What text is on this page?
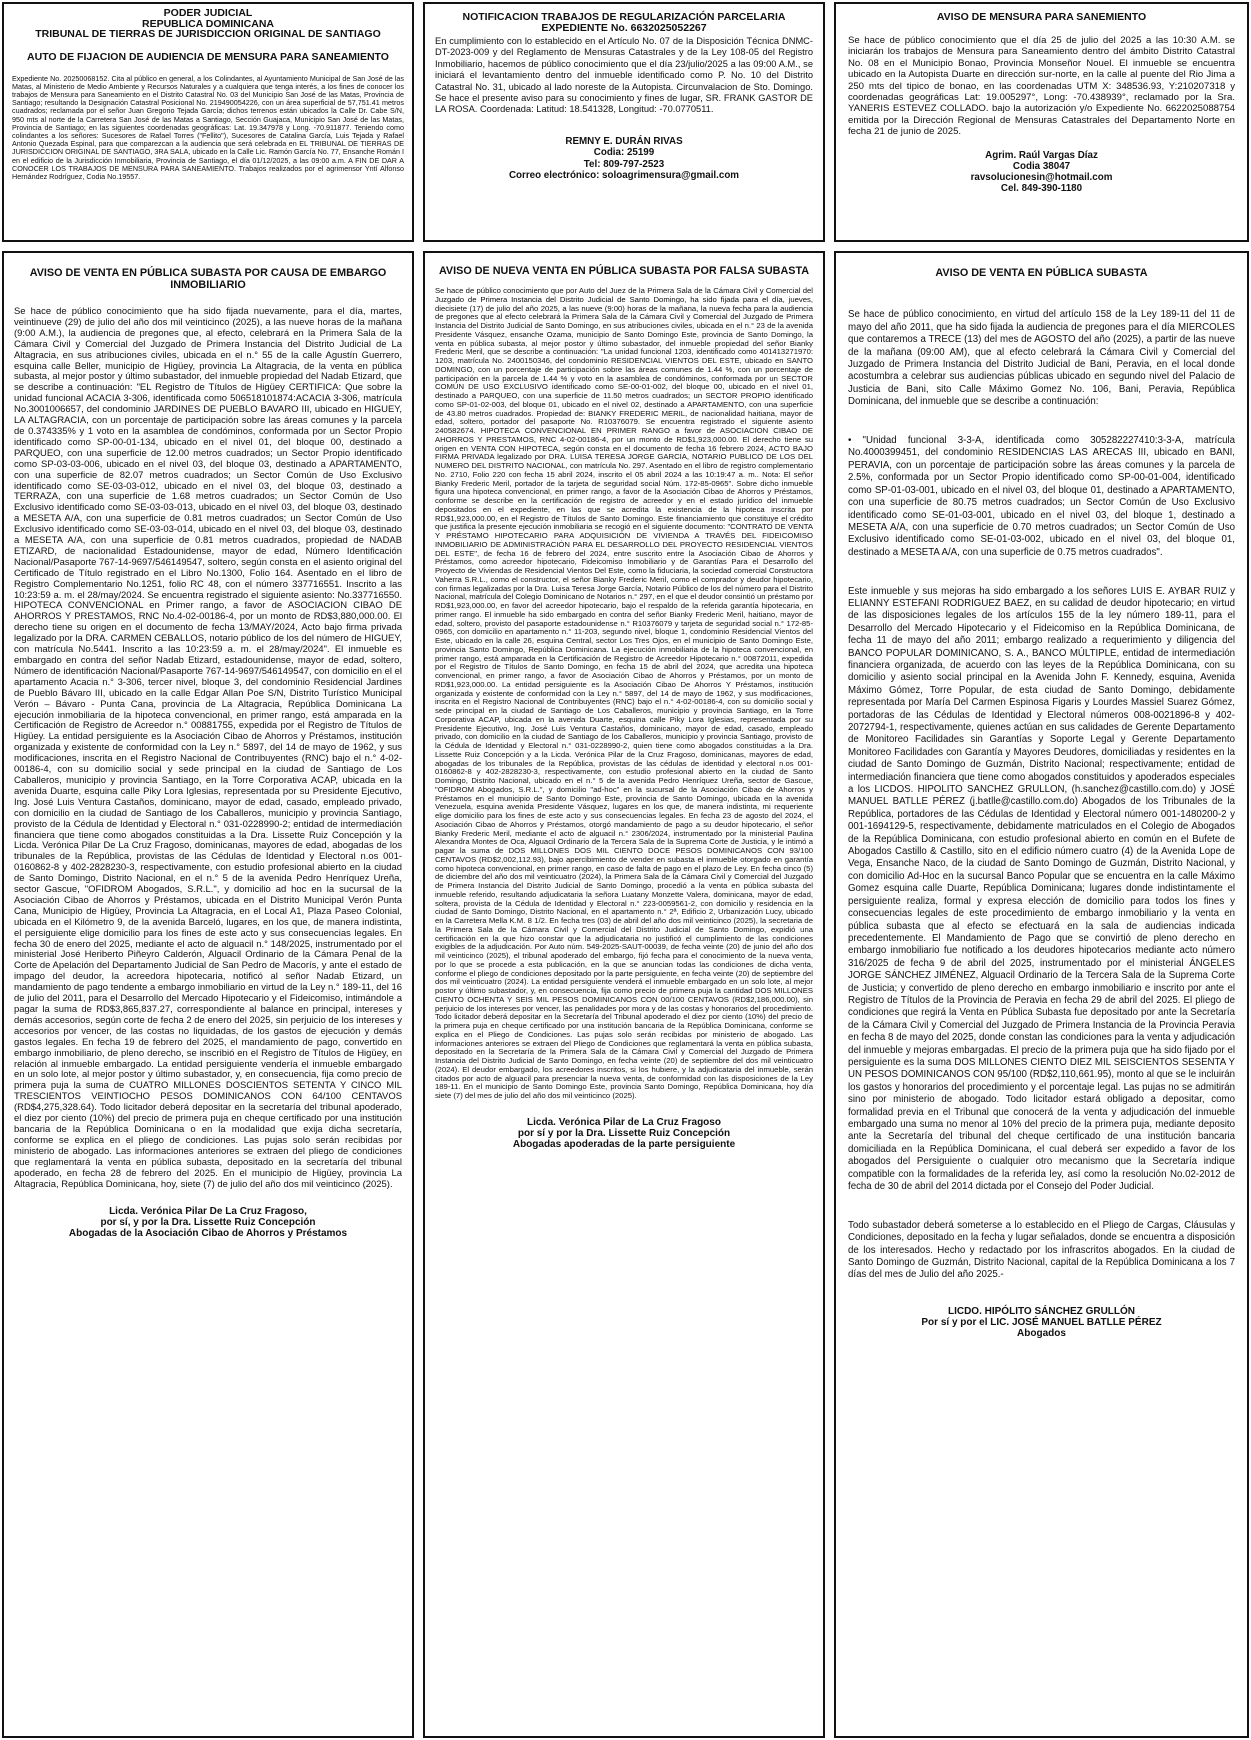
PODER JUDICIAL
REPUBLICA DOMINICANA
TRIBUNAL DE TIERRAS DE JURISDICCION ORIGINAL DE SANTIAGO
AUTO DE FIJACION DE AUDIENCIA DE MENSURA PARA SANEAMIENTO
Expediente No. 20250068152. Cita al público en general, a los Colindantes, al Ayuntamiento Municipal de San José de las Matas, al Ministerio de Medio Ambiente y Recursos Naturales y a cualquiera que tenga interés, a los fines de conocer los trabajos de Mensura para Saneamiento en el Distrito Catastral No. 03 del Municipio San José de las Matas, Provincia de Santiago; resultando la Designación Catastral Posicional No. 219490054226, con un área superficial de 57,751.41 metros cuadrados; reclamada por el señor Juan Gregorio Tejada García; dichos terrenos están ubicados la Calle Dr. Cabe S/N, 950 mts al norte de la Carretera San José de las Matas a Santiago, Sección Guajaca, Municipio San José de las Matas, Provincia de Santiago; en las siguientes coordenadas geográficas: Lat. 19.347978 y Long. -70.911877. Teniendo como colindantes a los señores: Sucesores de Rafael Torres ("Fellito"), Sucesores de Catalina García, Luis Tejada y Rafael Antonio Quezada Espinal, para que comparezcan a la audiencia que será celebrada en EL TRIBUNAL DE TIERRAS DE JURISDICCION ORIGINAL DE SANTIAGO, 3RA SALA, ubicado en la Calle Lic. Ramón García No. 77, Ensanche Román I en el edificio de la Jurisdicción Inmobiliaria, Provincia de Santiago, el día 01/12/2025, a las 09:00 a.m. A FIN DE DAR A CONOCER LOS TRABAJOS DE MENSURA PARA SANEAMIENTO. Trabajos realizados por el agrimensor Yntí Alfonso Hernández Rodríguez, Codia No.19557.
NOTIFICACION TRABAJOS DE REGULARIZACIÓN PARCELARIA
EXPEDIENTE No. 6632025052267
En cumplimiento con lo establecido en el Artículo No. 07 de la Disposición Técnica DNMC-DT-2023-009 y del Reglamento de Mensuras Catastrales y de la Ley 108-05 del Registro Inmobiliario, hacemos de público conocimiento que el día 23/julio/2025 a las 09:00 A.M., se iniciará el levantamiento dentro del inmueble identificado como P. No. 10 del Distrito Catastral No. 31, ubicado al lado noreste de la Autopista. Circunvalacion de Sto. Domingo. Se hace el presente aviso para su conocimiento y fines de lugar, SR. FRANK GASTOR DE LA ROSA. Coordenada: Latitud: 18.541328, Longitud: -70.0770511.
REMNY E. DURÁN RIVAS
Codia: 25199
Tel: 809-797-2523
Correo electrónico: soloagrimensura@gmail.com
AVISO DE MENSURA PARA SANEMIENTO
Se hace de público conocimiento que el día 25 de julio del 2025 a las 10:30 A.M. se iniciarán los trabajos de Mensura para Saneamiento dentro del ámbito Distrito Catastral No. 08 en el Municipio Bonao, Provincia Monseñor Nouel. El inmueble se encuentra ubicado en la Autopista Duarte en dirección sur-norte, en la calle al puente del Rio Jima a 250 mts del tipico de bonao, en las coordenadas UTM X: 348536.93, Y:210207318 y coordenadas geográficas Lat: 19.005297°, Long: -70.438939°, reclamado por la Sra. YANERIS ESTEVEZ COLLADO. bajo la autorización y/o Expediente No. 6622025088754 emitida por la Dirección Regional de Mensuras Catastrales del Departamento Norte en fecha 21 de junio de 2025.
Agrim. Raúl Vargas Díaz
Codia 38047
ravsolucionesin@hotmail.com
Cel. 849-390-1180
AVISO DE VENTA EN PÚBLICA SUBASTA POR CAUSA DE EMBARGO INMOBILIARIO
Se hace de público conocimiento que ha sido fijada nuevamente, para el día, martes, veintinueve (29) de julio del año dos mil veinticinco (2025), a las nueve horas de la mañana (9:00 A.M.), la audiencia de pregones que, al efecto, celebrará en la Primera Sala de la Cámara Civil y Comercial del Juzgado de Primera Instancia del Distrito Judicial de La Altagracia, en sus atribuciones civiles, ubicada en el n.° 55 de la calle Agustín Guerrero, esquina calle Beller, municipio de Higüey, provincia La Altagracia, de la venta en pública subasta, al mejor postor y último subastador, del inmueble propiedad del Nadab Etizard, que se describe a continuación: "EL Registro de Títulos de Higüey CERTIFICA: Que sobre la unidad funcional ACACIA 3-306, identificada como 506518101874:ACACIA 3-306, matrícula No.3001006657, del condominio JARDINES DE PUEBLO BAVARO III, ubicado en HIGUEY, LA ALTAGRACIA, con un porcentaje de participación sobre las áreas comunes y la parcela de 0.374335% y 1 voto en la asamblea de condóminos, conformada por un Sector Propio identificado como SP-00-01-134, ubicado en el nivel 01, del bloque 00, destinado a PARQUEO, con una superficie de 12.00 metros cuadrados; un Sector Propio identificado como SP-03-03-006, ubicado en el nivel 03, del bloque 03, destinado a APARTAMENTO, con una superficie de 82.07 metros cuadrados; un Sector Común de Uso Exclusivo identificado como SE-03-03-012, ubicado en el nivel 03, del bloque 03, destinado a TERRAZA, con una superficie de 1.68 metros cuadrados; un Sector Común de Uso Exclusivo identificado como SE-03-03-013, ubicado en el nivel 03, del bloque 03, destinado a MESETA A/A, con una superficie de 0.81 metros cuadrados; un Sector Común de Uso Exclusivo identificado como SE-03-03-014, ubicado en el nivel 03, del bloque 03, destinado a MESETA A/A, con una superficie de 0.81 metros cuadrados, propiedad de NADAB ETIZARD, de nacionalidad Estadounidense, mayor de edad, Número Identificación Nacional/Pasaporte 767-14-9697/546149547, soltero, según consta en el asiento original del Certificado de Título registrado en el Libro No.1300, Folio 164. Asentado en el libro de Registro Complementario No.1251, folio RC 48, con el número 337716551. Inscrito a las 10:23:59 a. m. el 28/may/2024. Se encuentra registrado el siguiente asiento: No.337716550. HIPOTECA CONVENCIONAL en Primer rango, a favor de ASOCIACION CIBAO DE AHORROS Y PRESTAMOS, RNC No.4-02-00186-4, por un monto de RD$3,880,000.00. El derecho tiene su origen en el documento de fecha 13/MAY/2024, Acto bajo firma privada legalizado por la DRA. CARMEN CEBALLOS, notario público de los del número de HIGUEY, con matrícula No.5441. Inscrito a las 10:23:59 a. m. el 28/may/2024". El inmueble es embargado en contra del señor Nadab Etizard, estadounidense, mayor de edad, soltero, Número de identificación Nacional/Pasaporte 767-14-9697/546149547, con domicilio en el el apartamento Acacia n.° 3-306, tercer nivel, bloque 3, del condominio Residencial Jardines de Pueblo Bávaro III, ubicado en la calle Edgar Allan Poe S/N, Distrito Turístico Municipal Verón – Bávaro - Punta Cana, provincia de La Altagracia, República Dominicana La ejecución inmobiliaria de la hipoteca convencional, en primer rango, está amparada en la Certificación de Registro de Acreedor n.° 00881755, expedida por el Registro de Títulos de Higüey. La entidad persiguiente es la Asociación Cibao de Ahorros y Préstamos, institución organizada y existente de conformidad con la Ley n.° 5897, del 14 de mayo de 1962, y sus modificaciones, inscrita en el Registro Nacional de Contribuyentes (RNC) bajo el n.° 4-02-00186-4, con su domicilio social y sede principal en la ciudad de Santiago de Los Caballeros, municipio y provincia Santiago, en la Torre Corporativa ACAP, ubicada en la avenida Duarte, esquina calle Piky Lora Iglesias, representada por su Presidente Ejecutivo, Ing. José Luis Ventura Castaños, dominicano, mayor de edad, casado, empleado privado, con domicilio en la ciudad de Santiago de los Caballeros, municipio y provincia Santiago, provisto de la Cédula de Identidad y Electoral n.° 031-0228990-2; entidad de intermediación financiera que tiene como abogados constituidas a la Dra. Lissette Ruiz Concepción y la Licda. Verónica Pilar De La Cruz Fragoso, dominicanas, mayores de edad, abogadas de los tribunales de la República, provistas de las Cédulas de Identidad y Electoral n.os 001-0160862-8 y 402-2828230-3, respectivamente, con estudio profesional abierto en la ciudad de Santo Domingo, Distrito Nacional, en el n.° 5 de la avenida Pedro Henríquez Ureña, sector Gascue, "OFIDROM Abogados, S.R.L.", y domicilio ad hoc en la sucursal de la Asociación Cibao de Ahorros y Préstamos, ubicada en el Distrito Municipal Verón Punta Cana, Municipio de Higüey, Provincia La Altagracia, en el Local A1, Plaza Paseo Colonial, ubicada en el Kilómetro 9, de la avenida Barceló, lugares, en los que, de manera indistinta, el persiguiente elige domicilio para los fines de este acto y sus consecuencias legales. En fecha 30 de enero del 2025, mediante el acto de alguacil n.° 148/2025, instrumentado por el ministerial José Heriberto Piñeyro Calderón, Alguacil Ordinario de la Cámara Penal de la Corte de Apelación del Departamento Judicial de San Pedro de Macorís, y ante el estado de impago del deudor, la acreedora hipotecaria, notificó al señor Nadab Etizard, un mandamiento de pago tendente a embargo inmobiliario en virtud de la Ley n.° 189-11, del 16 de julio del 2011, para el Desarrollo del Mercado Hipotecario y el Fideicomiso, intimándole a pagar la suma de RD$3,865,837.27, correspondiente al balance en principal, intereses y demás accesorios, según corte de fecha 2 de enero del 2025, sin perjuicio de los intereses y accesorios por vencer, de las costas no liquidadas, de los gastos de ejecución y demás gastos legales. En fecha 19 de febrero del 2025, el mandamiento de pago, convertido en embargo inmobiliario, de pleno derecho, se inscribió en el Registro de Títulos de Higüey, en relación al inmueble embargado. La entidad persiguiente vendería el inmueble embargado en un solo lote, al mejor postor y último subastador, y, en consecuencia, fija como precio de primera puja la suma de CUATRO MILLONES DOSCIENTOS SETENTA Y CINCO MIL TRESCIENTOS VEINTIOCHO PESOS DOMINICANOS CON 64/100 CENTAVOS (RD$4,275,328.64). Todo licitador deberá depositar en la secretaría del tribunal apoderado, el diez por ciento (10%) del precio de primera puja en cheque certificado por una institución bancaria de la República Dominicana o en la modalidad que exija dicha secretaría, conforme se explica en el pliego de condiciones. Las pujas solo serán recibidas por ministerio de abogado. Las informaciones anteriores se extraen del pliego de condiciones que reglamentará la venta en pública subasta, depositado en la secretaría del tribunal apoderado, en fecha 28 de febrero del 2025. En el municipio de Higüey, provincia La Altagracia, República Dominicana, hoy, siete (7) de julio del año dos mil veinticinco (2025).
Licda. Verónica Pilar De La Cruz Fragoso,
por sí, y por la Dra. Lissette Ruiz Concepción
Abogadas de la Asociación Cibao de Ahorros y Préstamos
AVISO DE NUEVA VENTA EN PÚBLICA SUBASTA POR FALSA SUBASTA
Se hace de público conocimiento que por Auto del Juez de la Primera Sala de la Cámara Civil y Comercial del Juzgado de Primera Instancia del Distrito Judicial de Santo Domingo, ha sido fijada para el día, jueves, diecisiete (17) de julio del año 2025, a las nueve (9:00) horas de la mañana, la nueva fecha para la audiencia de pregones que al efecto celebrará la Primera Sala de la Cámara Civil y Comercial del Juzgado de Primera Instancia del Distrito Judicial de Santo Domingo, en sus atribuciones civiles, ubicada en el n.° 23 de la avenida Presidente Vásquez, ensanche Ozama, municipio de Santo Domingo Este, provincia de Santo Domingo, la venta en pública subasta, al mejor postor y último subastador, del inmueble propiedad del señor Bianky Frederic Meril, que se describe a continuación: "La unidad funcional 1203, identificado como 401413271970: 1203, matrícula No. 2400150346, del condominio RESIDENCIAL VIENTOS DEL ESTE, ubicado en SANTO DOMINGO, con un porcentaje de participación sobre las áreas comunes de 1.44 %, con un porcentaje de participación en la parcela de 1.44 % y voto en la asamblea de condóminos, conformada por un SECTOR COMÚN DE USO EXCLUSIVO identificado como SE-00-01-002, del bloque 00, ubicado en el nivel 01, destinado a PARQUEO, con una superficie de 11.50 metros cuadrados; un SECTOR PROPIO identificado como SP-01-02-003, del bloque 01, ubicado en el nivel 02, destinado a APARTAMENTO, con una superficie de 43.80 metros cuadrados. Propiedad de: BIANKY FREDERIC MERIL, de nacionalidad haitiana, mayor de edad, soltero, portador del pasaporte No. R10376079. Se encuentra registrado el siguiente asiento 240582674. HIPOTECA CONVENCIONAL EN PRIMER RANGO a favor de ASOCIACION CIBAO DE AHORROS Y PRESTAMOS, RNC 4-02-00186-4, por un monto de RD$1,923,000.00. El derecho tiene su origen en VENTA CON HIPOTECA, según consta en el documento de fecha 16 febrero 2024, ACTO BAJO FIRMA PRIVADA legalizado por DRA. LUISA TERESA JORGE GARCIA, NOTARIO PUBLICO DE LOS DEL NUMERO DEL DISTRITO NACIONAL, con matrícula No. 297. Asentado en el libro de registro complementario No. 2710, Folio 220 con fecha 15 abril 2024, inscrito el 05 abril 2024 a las 10:19:47 a. m.. Nota: El señor Bianky Frederic Meril, portador de la tarjeta de seguridad social Núm. 172-85-0965". Sobre dicho inmueble figura una hipoteca convencional, en primer rango, a favor de la Asociación Cibao de Ahorros y Préstamos, conforme se describe en la certificación de registro de acreedor y en el estado jurídico del inmueble depositados en el expediente, en las que se acredita la existencia de la hipoteca inscrita por RD$1,923,000.00, en el Registro de Títulos de Santo Domingo. Este financiamiento que constituye el crédito que justifica la presente ejecución inmobiliaria se recogió en el siguiente documento: "CONTRATO DE VENTA Y PRÉSTAMO HIPOTECARIO PARA ADQUISICIÓN DE VIVIENDA A TRAVÉS DEL FIDEICOMISO INMOBILIARIO DE ADMINISTRACIÓN PARA EL DESARROLLO DEL PROYECTO RESIDENCIAL VIENTOS DEL ESTE", de fecha 16 de febrero del 2024, entre suscrito entre la Asociación Cibao de Ahorros y Préstamos, como acreedor hipotecario, Fideicomiso Inmobiliario y de Garantías Para el Desarrollo del Proyecto de Viviendas de Residencial Vientos Del Este, como la fiduciaria, la sociedad comercial Constructora Vaherra S.R.L., como el constructor, el señor Bianky Frederic Meril, como el comprador y deudor hipotecario, con firmas legalizadas por la Dra. Luisa Teresa Jorge García, Notario Público de los del número para el Distrito Nacional, matrícula del Colegio Dominicano de Notarios n.° 297, en el que el deudor consintió un préstamo por RD$1,923,000.00, en favor del acreedor hipotecario, bajo el respaldo de la referida garantía hipotecaria, en primer rango. El inmueble ha sido embargado en contra del señor Bianky Frederic Meril, haitiano, mayor de edad, soltero, provisto del pasaporte estadounidense n.° R10376079 y tarjeta de seguridad social n.° 172-85-0965, con domicilio en apartamento n.° 11-203, segundo nivel, bloque 1, condominio Residencial Vientos del Este, ubicado en la calle 26, esquina Central, sector Los Tres Ojos, en el municipio de Santo Domingo Este, provincia Santo Domingo, República Dominicana. La ejecución inmobiliaria de la hipoteca convencional, en primer rango, está amparada en la Certificación de Registro de Acreedor Hipotecario n.° 00872011, expedida por el Registro de Títulos de Santo Domingo, en fecha 15 de abril del 2024, que acredita una hipoteca convencional, en primer rango, a favor de Asociación Cibao de Ahorros y Préstamos, por un monto de RD$1,923,000.00. La entidad persiguiente es la Asociación Cibao De Ahorros Y Préstamos, institución organizada y existente de conformidad con la Ley n.° 5897, del 14 de mayo de 1962, y sus modificaciones, inscrita en el Registro Nacional de Contribuyentes (RNC) bajo el n.° 4-02-00186-4, con su domicilio social y sede principal en la ciudad de Santiago de Los Caballeros, municipio y provincia Santiago, en la Torre Corporativa ACAP, ubicada en la avenida Duarte, esquina calle Piky Lora Iglesias, representada por su Presidente Ejecutivo, Ing. José Luis Ventura Castaños, dominicano, mayor de edad, casado, empleado privado, con domicilio en la ciudad de Santiago de los Caballeros, municipio y provincia Santiago, provisto de la Cédula de Identidad y Electoral n.° 031-0228990-2, quien tiene como abogados constituidas a la Dra. Lissette Ruiz Concepción y a la Licda. Verónica Pilar de la Cruz Fragoso, dominicanas, mayores de edad, abogadas de los tribunales de la República, provistas de las cédulas de identidad y electoral n.os 001-0160862-8 y 402-2828230-3, respectivamente, con estudio profesional abierto en la ciudad de Santo Domingo, Distrito Nacional, ubicado en el n.° 5 de la avenida Pedro Henríquez Ureña, sector de Gascue, "OFIDROM Abogados, S.R.L.", y domicilio "ad-hoc" en la sucursal de la Asociación Cibao de Ahorros y Préstamos en el municipio de Santo Domingo Este, provincia de Santo Domingo, ubicada en la avenida Venezuela, esquina avenida Presidente Vásquez, lugares en los que, de manera indistinta, mi requeriente elige domicilio para los fines de este acto y sus consecuencias legales. En fecha 23 de agosto del 2024, el Asociación Cibao de Ahorros y Préstamos, otorgó mandamiento de pago a su deudor hipotecario, el señor Bianky Frederic Meril, mediante el acto de alguacil n.° 2306/2024, instrumentado por la ministerial Paulina Alexandra Montes de Oca, Alguacil Ordinario de la Tercera Sala de la Suprema Corte de Justicia, y le intimó a pagar la suma de DOS MILLONES DOS MIL CIENTO DOCE PESOS DOMINICANOS CON 93/100 CENTAVOS (RD$2,002,112.93), bajo apercibimiento de vender en subasta el inmueble otorgado en garantía como hipoteca convencional, en primer rango, en caso de falta de pago en el plazo de Ley. En fecha cinco (5) de diciembre del año dos mil veinticuatro (2024), la Primera Sala de la Cámara Civil y Comercial del Juzgado de Primera Instancia del Distrito Judicial de Santo Domingo, procedió a la venta en pública subasta del inmueble referido, resultando adjudicataria la señora Luatany Monzette Valera, dominicana, mayor de edad, soltera, provista de la Cédula de Identidad y Electoral n.° 223-0059561-2, con domicilio y residencia en la ciudad de Santo Domingo, Distrito Nacional, en el apartamento n.° 2ª, Edificio 2, Urbanización Lucy, ubicado en la Carretera Mella K.M. 8 1/2. En fecha tres (03) de abril del año dos mil veinticinco (2025), la secretaria de la Primera Sala de la Cámara Civil y Comercial del Distrito Judicial de Santo Domingo, expidió una certificación en la que hizo constar que la adjudicataria no justificó el cumplimiento de las condiciones exigibles de la adjudicación. Por Auto núm. 549-2025-SAUT-00039, de fecha veinte (20) de junio del año dos mil veinticinco (2025), el tribunal apoderado del embargo, fijó fecha para el conocimiento de la nueva venta, por lo que se procede a esta publicación, en la que se anuncian todas las condiciones de dicha venta, conforme el pliego de condiciones depositado por la parte persiguiente, en fecha veinte (20) de septiembre del dos mil veinticuatro (2024). La entidad persiguiente venderá el inmueble embargado en un solo lote, al mejor postor y último subastador, y, en consecuencia, fija como precio de primera puja la cantidad DOS MILLONES CIENTO OCHENTA Y SEIS MIL PESOS DOMINICANOS CON 00/100 CENTAVOS (RD$2,186,000.00), sin perjuicio de los intereses por vencer, las penalidades por mora y de las costas y honorarios del procedimiento. Todo licitador deberá depositar en la Secretaría del Tribunal apoderado el diez por ciento (10%) del precio de la primera puja en cheque certificado por una institución bancaria de la República Dominicana, conforme se explica en el Pliego de Condiciones. Las pujas solo serán recibidas por ministerio de abogado. Las informaciones anteriores se extraen del Pliego de Condiciones que reglamentará la venta en pública subasta, depositado en la Secretaría de la Primera Sala de la Cámara Civil y Comercial del Juzgado de Primera Instancia del Distrito Judicial de Santo Domingo, en fecha veinte (20) de septiembre del dos mil veinticuatro (2024). El deudor embargado, los acreedores inscritos, si los hubiere, y la adjudicataria del inmueble, serán citados por acto de alguacil para presenciar la nueva venta, de conformidad con las disposiciones de la Ley 189-11. En el municipio de Santo Domingo Este, provincia Santo Domingo, República Dominicana, hoy día siete (7) del mes de julio del año dos mil veinticinco (2025).
Licda. Verónica Pilar de La Cruz Fragoso
por sí y por la Dra. Lissette Ruiz Concepción
Abogadas apoderadas de la parte persiguiente
AVISO DE VENTA EN PÚBLICA SUBASTA

Se hace de público conocimiento, en virtud del artículo 158 de la Ley 189-11 del 11 de mayo del año 2011, que ha sido fijada la audiencia de pregones para el día MIERCOLES que contaremos a TRECE (13) del mes de AGOSTO del año (2025), a partir de las nueve de la mañana (09:00 AM), que al efecto celebrará la Cámara Civil y Comercial del Juzgado de Primera Instancia del Distrito Judicial de Bani, Peravia, en el local donde acostumbra a celebrar sus audiencias públicas ubicado en segundo nivel del Palacio de Justicia de Bani, sito Calle Máximo Gomez No. 106, Bani, Peravia, República Dominicana, del inmueble que se describe a continuación:

• "Unidad funcional 3-3-A, identificada como 305282227410:3-3-A, matrícula No.4000399451, del condominio RESIDENCIAS LAS ARECAS III, ubicado en BANI, PERAVIA, con un porcentaje de participación sobre las áreas comunes y la parcela de 2.5%, conformada por un Sector Propio identificado como SP-00-01-004, identificado como SP-01-03-001, ubicado en el nivel 03, del bloque 01, destinado a APARTAMENTO, con una superficie de 80.75 metros cuadrados; un Sector Común de Uso Exclusivo identificado como SE-01-03-001, ubicado en el nivel 03, del bloque 1, destinado a MESETA A/A, con una superficie de 0.70 metros cuadrados; un Sector Común de Uso Exclusivo identificado como SE-01-03-002, ubicado en el nivel 03, del bloque 01, destinado a MESETA A/A, con una superficie de 0.75 metros cuadrados".

Este inmueble y sus mejoras ha sido embargado a los señores LUIS E. AYBAR RUIZ y ELIANNY ESTEFANI RODRIGUEZ BAEZ, en su calidad de deudor hipotecario; en virtud de las disposiciones legales de los artículos 155 de la ley número 189-11, para el Desarrollo del Mercado Hipotecario y el Fideicomiso en la República Dominicana, de fecha 11 de mayo del año 2011; embargo realizado a requerimiento y diligencia del BANCO POPULAR DOMINICANO, S. A., BANCO MÚLTIPLE, entidad de intermediación financiera organizada, de acuerdo con las leyes de la República Dominicana, con su domicilio y asiento social principal en la Avenida John F. Kennedy, esquina, Avenida Máximo Gómez, Torre Popular, de esta ciudad de Santo Domingo, debidamente representada por María Del Carmen Espinosa Figaris y Lourdes Massiel Suarez Gómez, portadoras de las Cédulas de Identidad y Electoral números 008-0021896-8 y 402-2072794-1, respectivamente, quienes actúan en sus calidades de Gerente Departamento de Monitoreo Facilidades sin Garantías y Soporte Legal y Gerente Departamento Monitoreo Facilidades con Garantía y Mayores Deudores, domiciliadas y residentes en la ciudad de Santo Domingo de Guzmán, Distrito Nacional; respectivamente; entidad de intermediación financiera que tiene como abogados constituidos y apoderados especiales a los LICDOS. HIPOLITO SANCHEZ GRULLON, (h.sanchez@castillo.com.do) y JOSÉ MANUEL BATLLE PÉREZ (j.batlle@castillo.com.do) Abogados de los Tribunales de la República, portadores de las Cédulas de Identidad y Electoral número 001-1480200-2 y 001-1694129-5, respectivamente, debidamente matriculados en el Colegio de Abogados de la República Dominicana, con estudio profesional abierto en común en el Bufete de Abogados Castillo & Castillo, sito en el edificio número cuatro (4) de la Avenida Lope de Vega, Ensanche Naco, de la ciudad de Santo Domingo de Guzmán, Distrito Nacional, y con domicilio Ad-Hoc en la sucursal Banco Popular que se encuentra en la calle Máximo Gomez esquina calle Duarte, República Dominicana; lugares donde indistintamente el persiguiente realiza, formal y expresa elección de domicilio para todos los fines y consecuencias legales de este procedimiento de embargo inmobiliario y la venta en pública subasta que al efecto se efectuará en la sala de audiencias indicada precedentemente. El Mandamiento de Pago que se convirtió de pleno derecho en embargo inmobiliario fue notificado a los deudores hipotecarios mediante acto número 316/2025 de fecha 9 de abril del 2025, instrumentado por el ministerial ÁNGELES JORGE SÁNCHEZ JIMÉNEZ, Alguacil Ordinario de la Tercera Sala de la Suprema Corte de Justicia; y convertido de pleno derecho en embargo inmobiliario e inscrito por ante el Registro de Títulos de la Provincia de Peravia en fecha 29 de abril del 2025. El pliego de condiciones que regirá la Venta en Pública Subasta fue depositado por ante la Secretaría de la Cámara Civil y Comercial del Juzgado de Primera Instancia de la Provincia Peravia en fecha 8 de mayo del 2025, donde constan las condiciones para la venta y adjudicación del inmueble y mejoras embargadas. El precio de la primera puja que ha sido fijado por el persiguiente es la suma DOS MILLONES CIENTO DIEZ MIL SEISCIENTOS SESENTA Y UN PESOS DOMINICANOS CON 95/100 (RD$2,110,661.95), monto al que se le incluirán los gastos y honorarios del procedimiento y el porcentaje legal. Las pujas no se admitirán sino por ministerio de abogado. Todo licitador estará obligado a depositar, como formalidad previa en el Tribunal que conocerá de la venta y adjudicación del inmueble embargado una suma no menor al 10% del precio de la primera puja, mediante deposito ante la Secretaría del tribunal del cheque certificado de una institución bancaria domiciliada en la República Dominicana, el cual deberá ser expedido a favor de los abogados del Persiguiente o cualquier otro mecanismo que la Secretaría indique compatible con la formalidades de la referida ley, así como la resolución No.02-2012 de fecha de 30 de abril del 2014 dictada por el Consejo del Poder Judicial.

Todo subastador deberá someterse a lo establecido en el Pliego de Cargas, Cláusulas y Condiciones, depositado en la fecha y lugar señalados, donde se encuentra a disposición de los interesados. Hecho y redactado por los infrascritos abogados. En la ciudad de Santo Domingo de Guzmán, Distrito Nacional, capital de la República Dominicana a los 7 días del mes de Julio del año 2025.-

LICDO. HIPÓLITO SÁNCHEZ GRULLÓN
Por sí y por el LIC. JOSÉ MANUEL BATLLE PÉREZ
Abogados
